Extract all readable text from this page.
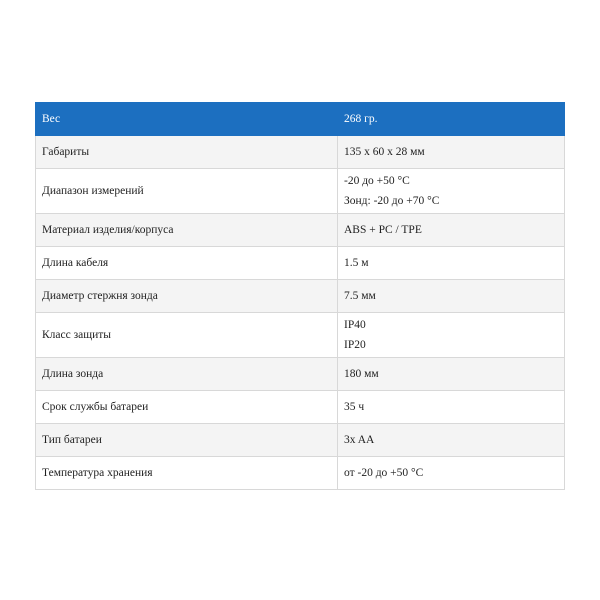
Вес	268 гр.

Габариты	135 x 60 x 28 мм

Диапазон измерений	-20 до +50 °C
Зонд: -20 до +70 °C

Материал изделия/корпуса	ABS + PC / TPE

Длина кабеля	1.5 м

Диаметр стержня зонда	7.5 мм

Класс защиты	IP40
IP20

Длина зонда	180 мм

Срок службы батареи	35 ч

Тип батареи	3x AA

Температура хранения	от -20 до +50 °C
